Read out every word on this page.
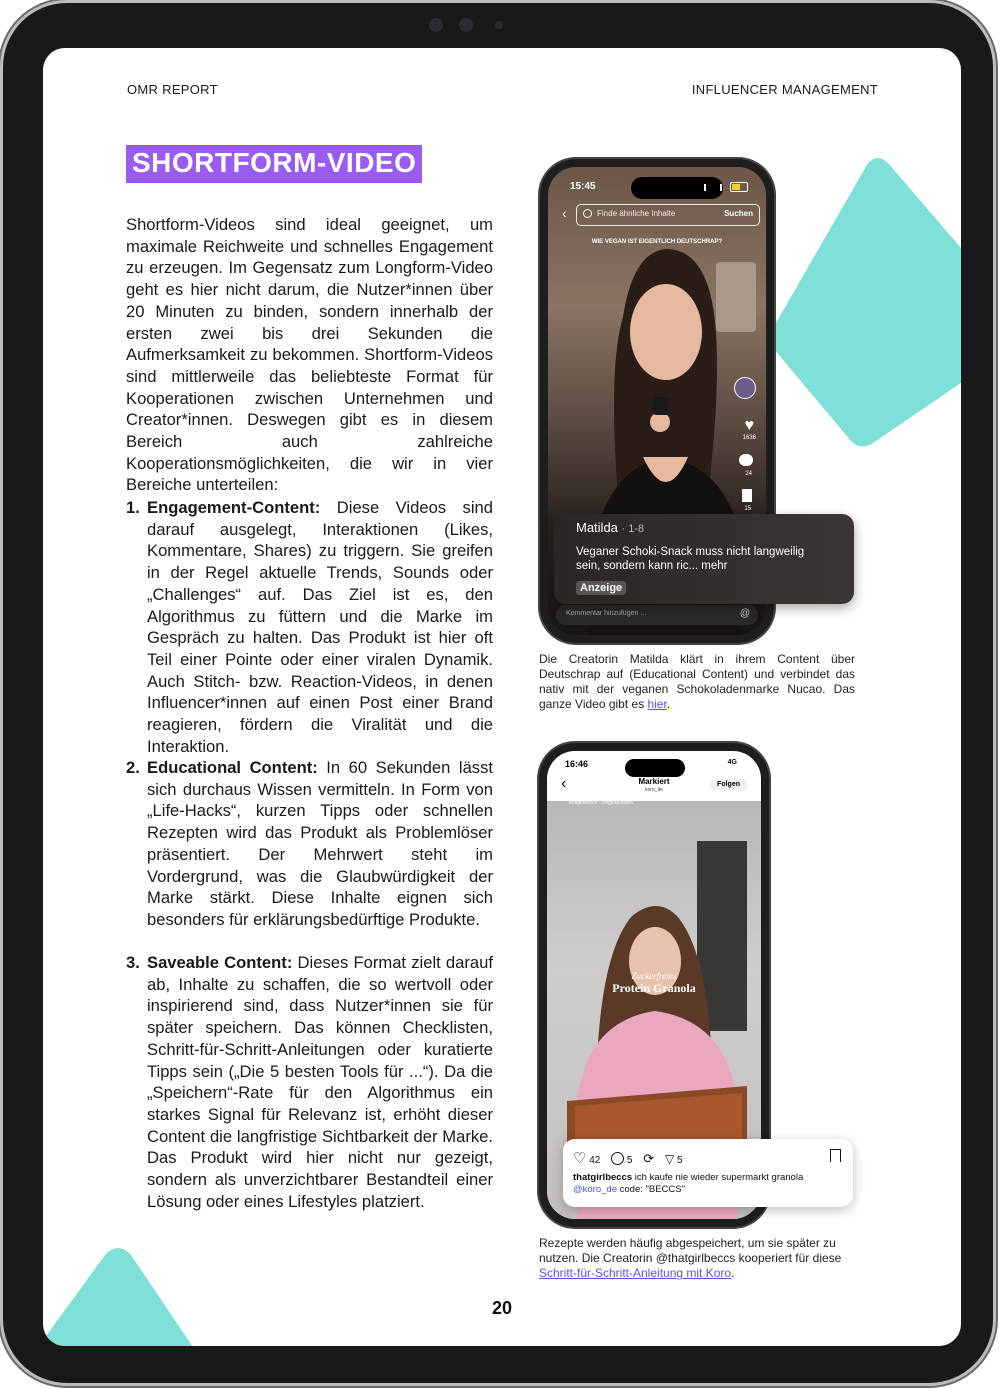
OMR REPORT	INFLUENCER MANAGEMENT
SHORTFORM-VIDEO
Shortform-Videos sind ideal geeignet, um maximale Reichweite und schnelles Engagement zu erzeugen. Im Gegensatz zum Longform-Video geht es hier nicht darum, die Nutzer*innen über 20 Minuten zu binden, sondern innerhalb der ersten zwei bis drei Sekunden die Aufmerksamkeit zu bekommen. Shortform-Videos sind mittlerweile das beliebteste Format für Kooperationen zwischen Unternehmen und Creator*innen. Deswegen gibt es in diesem Bereich auch zahlreiche Kooperationsmöglichkeiten, die wir in vier Bereiche unterteilen:
1. Engagement-Content: Diese Videos sind darauf ausgelegt, Interaktionen (Likes, Kommentare, Shares) zu triggern. Sie greifen in der Regel aktuelle Trends, Sounds oder „Challenges“ auf. Das Ziel ist es, den Algorithmus zu füttern und die Marke im Gespräch zu halten. Das Produkt ist hier oft Teil einer Pointe oder einer viralen Dynamik. Auch Stitch- bzw. Reaction-Videos, in denen Influencer*innen auf einen Post einer Brand reagieren, fördern die Viralität und die Interaktion.
2. Educational Content: In 60 Sekunden lässt sich durchaus Wissen vermitteln. In Form von „Life-Hacks“, kurzen Tipps oder schnellen Rezepten wird das Produkt als Problemlöser präsentiert. Der Mehrwert steht im Vordergrund, was die Glaubwürdigkeit der Marke stärkt. Diese Inhalte eignen sich besonders für erklärungsbedürftige Produkte.
3. Saveable Content: Dieses Format zielt darauf ab, Inhalte zu schaffen, die so wertvoll oder inspirierend sind, dass Nutzer*innen sie für später speichern. Das können Checklisten, Schritt-für-Schritt-Anleitungen oder kuratierte Tipps sein („Die 5 besten Tools für ...“). Da die „Speichern“-Rate für den Algorithmus ein starkes Signal für Relevanz ist, erhöht dieser Content die langfristige Sichtbarkeit der Marke. Das Produkt wird hier nicht nur gezeigt, sondern als unverzichtbarer Bestandteil einer Lösung oder eines Lifestyles platziert.
15:45
‹	Finde ähnliche Inhalte	Suchen
WIE VEGAN IST EIGENTLICH DEUTSCHRAP?
♥
1636
24
15
Kommentar hinzufügen ...	@
Matilda · 1-8
Veganer Schoki-Snack muss nicht langweilig sein, sondern kann ric... mehr
Anzeige
Die Creatorin Matilda klärt in ihrem Content über Deutschrap auf (Educational Content) und verbindet das nativ mit der veganen Schokoladenmarke Nucao. Das ganze Video gibt es hier.
16:46	4G
‹	Markiert
koro_de
Folgen
thatgirlbeccs · Original-Audio
Zuckerfreies
Protein Granola
♡ 42	5 ⟳ ▽ 5
thatgirlbeccs ich kaufe nie wieder supermarkt granola
@koro_de code: "BECCS"
Rezepte werden häufig abgespeichert, um sie später zu nutzen. Die Creatorin @thatgirlbeccs kooperiert für diese Schritt-für-Schritt-Anleitung mit Koro.
20
